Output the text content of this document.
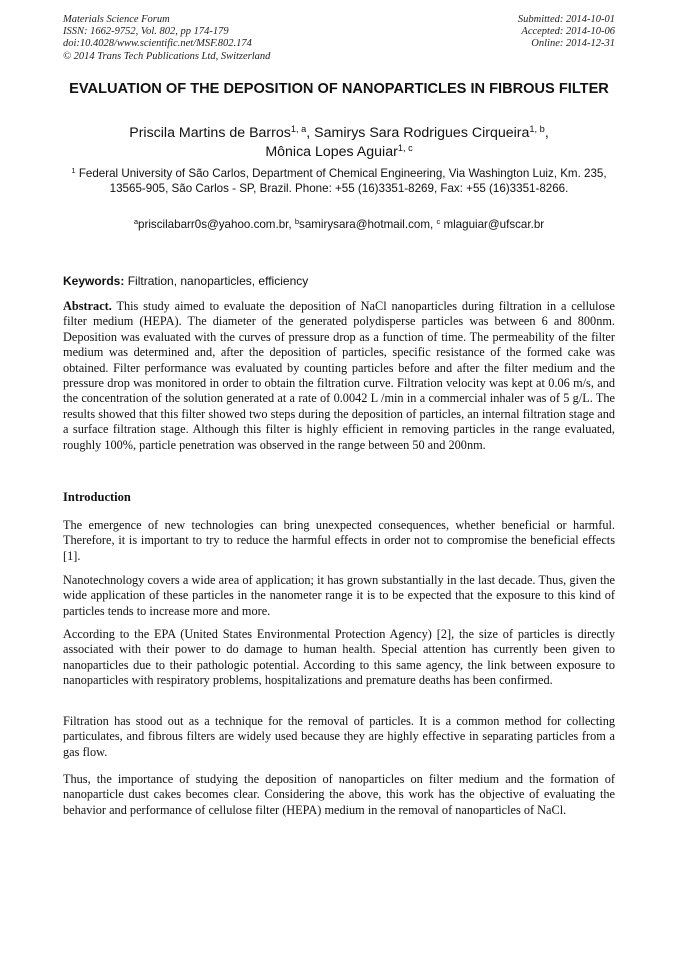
Materials Science Forum
ISSN: 1662-9752, Vol. 802, pp 174-179
doi:10.4028/www.scientific.net/MSF.802.174
© 2014 Trans Tech Publications Ltd, Switzerland
Submitted: 2014-10-01
Accepted: 2014-10-06
Online: 2014-12-31
EVALUATION OF THE DEPOSITION OF NANOPARTICLES IN FIBROUS FILTER
Priscila Martins de Barros$^{1, a}$, Samirys Sara Rodrigues Cirqueira$^{1, b}$,
Mônica Lopes Aguiar$^{1, c}$
$^1$ Federal University of São Carlos, Department of Chemical Engineering, Via Washington Luiz, Km. 235, 13565-905, São Carlos - SP, Brazil. Phone: +55 (16)3351-8269, Fax: +55 (16)3351-8266.
$^a$priscilabarr0s@yahoo.com.br, $^b$samirysara@hotmail.com, $^c$ mlaguiar@ufscar.br
Keywords: Filtration, nanoparticles, efficiency
Abstract. This study aimed to evaluate the deposition of NaCl nanoparticles during filtration in a cellulose filter medium (HEPA). The diameter of the generated polydisperse particles was between 6 and 800nm. Deposition was evaluated with the curves of pressure drop as a function of time. The permeability of the filter medium was determined and, after the deposition of particles, specific resistance of the formed cake was obtained. Filter performance was evaluated by counting particles before and after the filter medium and the pressure drop was monitored in order to obtain the filtration curve. Filtration velocity was kept at 0.06 m/s, and the concentration of the solution generated at a rate of 0.0042 L /min in a commercial inhaler was of 5 g/L. The results showed that this filter showed two steps during the deposition of particles, an internal filtration stage and a surface filtration stage. Although this filter is highly efficient in removing particles in the range evaluated, roughly 100%, particle penetration was observed in the range between 50 and 200nm.
Introduction
The emergence of new technologies can bring unexpected consequences, whether beneficial or harmful. Therefore, it is important to try to reduce the harmful effects in order not to compromise the beneficial effects [1].
Nanotechnology covers a wide area of application; it has grown substantially in the last decade. Thus, given the wide application of these particles in the nanometer range it is to be expected that the exposure to this kind of particles tends to increase more and more.
According to the EPA (United States Environmental Protection Agency) [2], the size of particles is directly associated with their power to do damage to human health. Special attention has currently been given to nanoparticles due to their pathologic potential. According to this same agency, the link between exposure to nanoparticles with respiratory problems, hospitalizations and premature deaths has been confirmed.
Filtration has stood out as a technique for the removal of particles. It is a common method for collecting particulates, and fibrous filters are widely used because they are highly effective in separating particles from a gas flow.
Thus, the importance of studying the deposition of nanoparticles on filter medium and the formation of nanoparticle dust cakes becomes clear. Considering the above, this work has the objective of evaluating the behavior and performance of cellulose filter (HEPA) medium in the removal of nanoparticles of NaCl.
